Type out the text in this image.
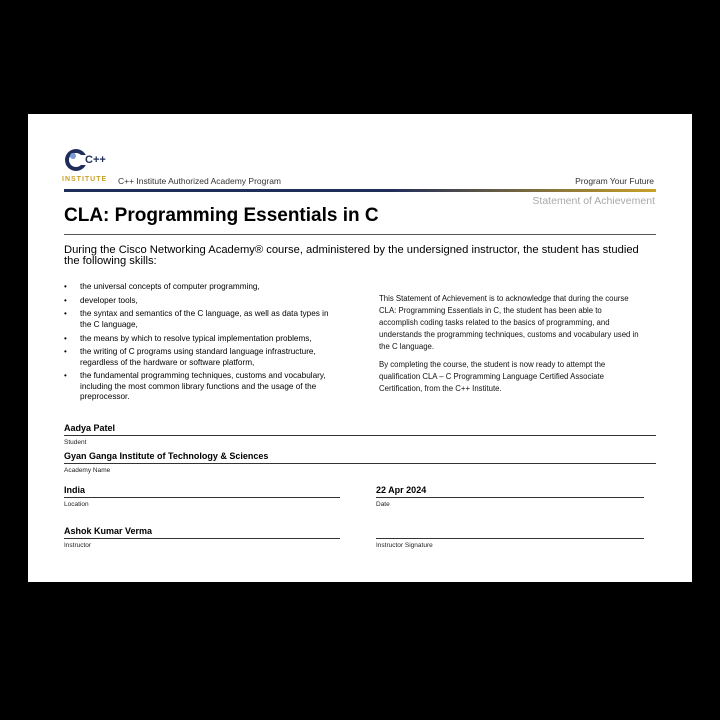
C++
INSTITUTE C++ Institute Authorized Academy Program	Program Your Future
Statement of Achievement
CLA: Programming Essentials in C
During the Cisco Networking Academy® course, administered by the undersigned instructor, the student has studied the following skills:
• the universal concepts of computer programming,
• developer tools,
• the syntax and semantics of the C language, as well as data types in the C language,
• the means by which to resolve typical implementation problems,
• the writing of C programs using standard language infrastructure, regardless of the hardware or software platform,
• the fundamental programming techniques, customs and vocabulary, including the most common library functions and the usage of the preprocessor.

This Statement of Achievement is to acknowledge that during the course CLA: Programming Essentials in C, the student has been able to accomplish coding tasks related to the basics of programming, and understands the programming techniques, customs and vocabulary used in the C language.

By completing the course, the student is now ready to attempt the qualification CLA – C Programming Language Certified Associate Certification, from the C++ Institute.

Aadya Patel
Student
Gyan Ganga Institute of Technology & Sciences
Academy Name
India
Location
22 Apr 2024
Date
Ashok Kumar Verma
Instructor	Instructor Signature
